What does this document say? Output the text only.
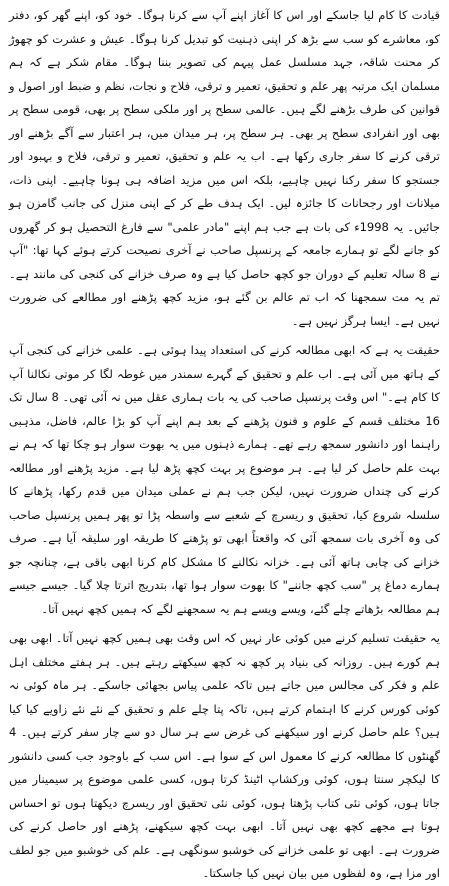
قیادت کا کام لیا جاسکے اور اس کا آغاز اپنے آپ سے کرنا ہوگا۔ خود کو، اپنے گھر کو، دفتر کو، معاشرے کو سب سے بڑھ کر اپنی ذہنیت کو تبدیل کرنا ہوگا۔ عیش و عشرت کو چھوڑ کر محنت شاقہ، جہد مسلسل عمل پیہم کی تصویر بننا ہوگا۔ مقام شکر ہے کہ ہم مسلمان ایک مرتبہ پھر علم و تحقیق، تعمیر و ترقی، فلاح و نجات، نظم و ضبط اور اصول و قوانین کی طرف بڑھنے لگے ہیں۔ عالمی سطح پر اور ملکی سطح پر بھی، قومی سطح پر بھی اور انفرادی سطح پر بھی۔ ہر سطح پر، ہر میدان میں، ہر اعتبار سے آگے بڑھنے اور ترقی کرنے کا سفر جاری رکھا ہے۔ اب یہ علم و تحقیق، تعمیر و ترقی، فلاح و بہبود اور جستجو کا سفر رکنا نہیں چاہیے، بلکہ اس میں مزید اضافہ ہی ہونا چاہیے۔ اپنی ذات، میلانات اور رجحانات کا جائزہ لیں۔ ایک ہدف طے کر کے اپنی منزل کی جانب گامزن ہو جائیں۔ یہ 1998ء کی بات ہے جب ہم اپنے "مادر علمی" سے فارغ التحصیل ہو کر گھروں کو جانے لگے تو ہمارے جامعہ کے پرنسپل صاحب نے آخری نصیحت کرتے ہوئے کہا تھا: "آپ نے 8 سالہ تعلیم کے دوران جو کچھ حاصل کیا ہے وہ صرف خزانے کی کنجی کی مانند ہے۔ تم یہ مت سمجھنا کہ اب تم عالم بن گئے ہو، مزید کچھ پڑھنے اور مطالعے کی ضرورت نہیں ہے۔ ایسا ہرگز نہیں ہے۔

حقیقت یہ ہے کہ ابھی مطالعہ کرنے کی استعداد پیدا ہوئی ہے۔ علمی خزانے کی کنجی آپ کے ہاتھ میں آئی ہے۔ اب علم و تحقیق کے گہرے سمندر میں غوطہ لگا کر موتی نکالنا آپ کا کام ہے۔" اس وقت پرنسپل صاحب کی یہ بات ہماری عقل میں نہ آئی تھی۔ 8 سال تک 16 مختلف قسم کے علوم و فنون پڑھنے کے بعد ہم اپنے آپ کو بڑا عالم، فاضل، مذہبی راہنما اور دانشور سمجھ رہے تھے۔ ہمارے ذہنوں میں یہ بھوت سوار ہو چکا تھا کہ ہم نے بہت علم حاصل کر لیا ہے۔ ہر موضوع پر بہت کچھ پڑھ لیا ہے۔ مزید پڑھنے اور مطالعہ کرنے کی چنداں ضرورت نہیں، لیکن جب ہم نے عملی میدان میں قدم رکھا، پڑھانے کا سلسلہ شروع کیا، تحقیق و ریسرچ کے شعبے سے واسطہ پڑا تو پھر ہمیں پرنسپل صاحب کی وہ آخری بات سمجھ آئی کہ واقعتاً ابھی تو پڑھنے کا طریقہ اور سلیقہ آیا ہے۔ صرف خزانے کی چابی ہاتھ آئی ہے۔ خزانہ نکالنے کا مشکل کام کرنا ابھی باقی ہے، چنانچہ جو ہمارے دماغ پر "سب کچھ جاننے" کا بھوت سوار ہوا تھا، بتدریج اترتا چلا گیا۔ جیسے جیسے ہم مطالعہ بڑھاتے چلے گئے، ویسے ویسے ہم یہ سمجھنے لگے کہ ہمیں کچھ نہیں آتا۔

یہ حقیقت تسلیم کرنے میں کوئی عار نہیں کہ اس وقت بھی ہمیں کچھ نہیں آتا۔ ابھی بھی ہم کورے ہیں۔ روزانہ کی بنیاد پر کچھ نہ کچھ سیکھتے رہتے ہیں۔ ہر ہفتے مختلف اہل علم و فکر کی مجالس میں جاتے ہیں تاکہ علمی پیاس بجھائی جاسکے۔ ہر ماہ کوئی نہ کوئی کورس کرنے کا اہتمام کرتے ہیں، تاکہ پتا چلے علم و تحقیق کے نئے نئے زاویے کیا کیا ہیں؟ علم حاصل کرنے اور سیکھنے کی غرض سے ہر سال دو سے چار سفر کرتے ہیں۔ 4 گھنٹوں کا مطالعہ کرنے کا معمول اس کے سوا ہے۔ اس سب کے باوجود جب کسی دانشور کا لیکچر سنتا ہوں، کوئی ورکشاپ اٹینڈ کرتا ہوں، کسی علمی موضوع پر سیمینار میں جاتا ہوں، کوئی نئی کتاب پڑھتا ہوں، کوئی نئی تحقیق اور ریسرچ دیکھتا ہوں تو احساس ہوتا ہے مجھے کچھ بھی نہیں آتا۔ ابھی بہت کچھ سیکھنے، پڑھنے اور حاصل کرنے کی ضرورت ہے۔ ابھی تو علمی خزانے کی خوشبو سونگھی ہے۔ علم کی خوشبو میں جو لطف اور مزا ہے، وہ لفظوں میں بیان نہیں کیا جاسکتا۔
